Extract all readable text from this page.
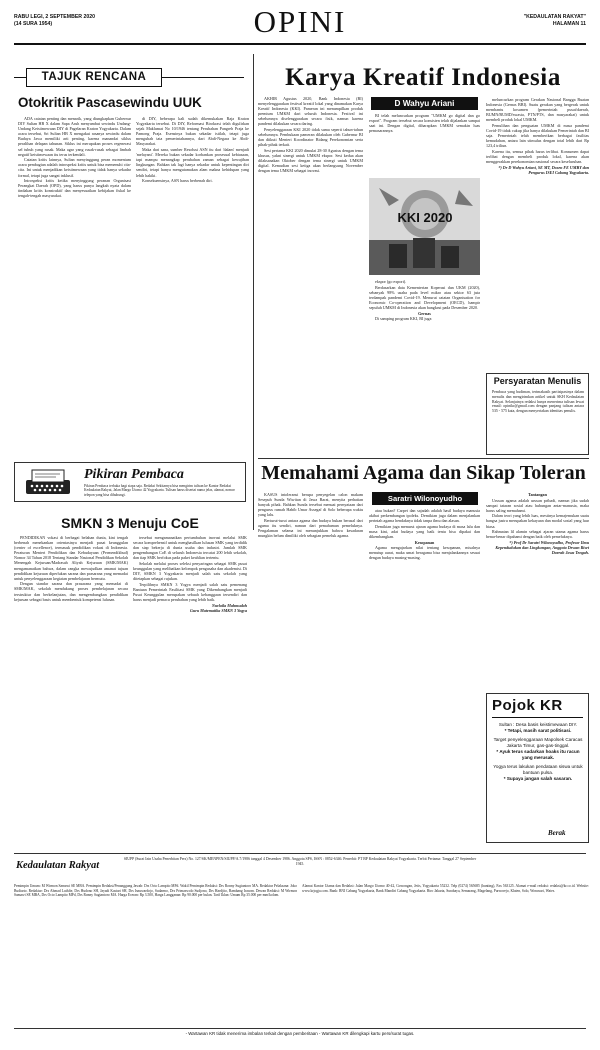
RABU LEGI, 2 SEPTEMBER 2020
(14 SURA 1954)	OPINI	"KEDAULATAN RAKYAT"
HALAMAN 11
TAJUK RENCANA
Otokritik Pascasewindu UUK

ADA catatan penting dan menarik, yang diungkapkan Gubernur DIY Sultan HB X dalam Sapa Aruh menyambut sewindu Undang-Undang Keistimewaan DIY di Pagelaran Kraton Yogyakarta. Dalam acara tersebut, Sri Sultan HB X mengakui rasanya sewindu dalam Budaya Jawa memiliki arti penting, karena manandai siklus peralihan delapan tahunan. Siklus ini merupakan proses regenerasi sel tubuh yang rusak. Maka agar yang rusak-rusak sebagai limbah negatif keistimewaan itu terus terkendali.

Catatan kritis lainnya, Sultan menyinggung peran momentum acara pembagian adalah introspeksi kritis untuk bisa memenuhi cita-cita. Ini untuk menjadikan keistimewaan yang tidak hanya sekadar formal, tetapi juga sangat inklusif.

Introspeksi kritis ketika menyinggung peranan Organisasi Perangkat Daerah (OPD), yang harus punya langkah nyata dalam tindakan kritis konstruktif dan menyesuaikan kebijakan fiskal ke tengah-tengah masyarakat.

di DIY, beberapa kali sudah dikemukakan Raja Kraton Yogyakarta tersebut. Di DIY, Reformasi Birokrasi telah digulirkan sejak Maklumat No 10/1946 tentang Perubahan Pangreh Praja ke Pamong Praja. Esensinya bukan sekadar istilah, tetapi juga mengubah tata pemerintahannya, dari Abdi-Negara ke Abdi-Masyarakat.

Maka dari sana, sumber Resolusi ASN itu dari 'dalam' menjadi 'melayani'. Mereka bukan sekadar korbankan prosesual kebiasaan, tapi mampu menangkap perubahan zaman sebagai kewajiban lingkungan. Bahkan tak lagi hanya sekadar untuk kepentingan diri sendiri, tetapi hanya mengutamakan alam makna kehidupan yang lebih hakiki.

Konsekuensinya, ASN harus berbenah diri.

Pikiran Pembaca
Pikiran Pembaca terbuka bagi siapa saja. Redaksi Sekitarnya bisa mengirim tulisan ke Kantor Redaksi Kedaulatan Rakyat, Jalan Margo Utomo 42 Yogyakarta. Tulisan harus disertai nama jelas, alamat, nomor telepon yang bisa dihubungi.
SMKN 3 Menuju CoE

PENDIDIKAN vokasi di berbagai belahan dunia, kini tengah berbenah menekankan orientasinya menjadi pusat keunggulan (center of excellence), termasuk pendidikan vokasi di Indonesia. Peraturan Menteri Pendidikan dan Kebudayaan (Permendikbud) Nomor 34 Tahun 2018 Tentang Standar Nasional Pendidikan Sekolah Menengah Kejuruan/Madrasah Aliyah Kejuruan (SMK/MAK) mengamanatkan bahwa, dalam rangka mewujudkan amanat tujuan pendidikan kejuruan diperlukan sarana dan prasarana yang memadai untuk penyelenggaraan kegiatan pembelajaran bermutu.

Dengan standar sarana dan prasarana yang memadai di SMK/MAK, sekolah mendukung proses pembelajaran secara terstruktur dan berkelanjutan, dan mengembangkan pendidikan kejuruan sebagai basis untuk membentuk kompetensi lulusan.

tersebut mengamanatkan pertumbuhan inovasi melalui SMK secara komprehensif untuk menghasilkan lulusan SMK yang terdidik dan siap bekerja di dunia usaha dan industri. Jumlah SMK pengembangan CoE di seluruh Indonesia tercatat 200 lebih sekolah, dan tiap SMK berfokus pada paket keahlian tertentu.

Sekolah melalui proses seleksi penyaringan sebagai SMK pusat keunggulan yang melibatkan kelompok pengusaha dan akademisi. Di DIY, SMKN 3 Yogyakarta menjadi salah satu sekolah yang ditetapkan sebagai rujukan.

Terpilihnya SMKN 3 Yogya menjadi salah satu pemenang Bantuan Pemerintah Fasilitasi SMK yang Dikembangkan menjadi Pusat Keunggulan merupakan sebuah kebanggaan tersendiri dan harus menjadi pemacu perubahan yang lebih baik.

Nurlaila Mahmudah
Guru Matematika SMKN 3 Yogya
Karya Kreatif Indonesia

AKHIR Agustus 2020, Bank Indonesia (BI) menyelenggarakan festival kreatif lokal yang dinamakan Karya Kreatif Indonesia (KKI). Pameran ini menampilkan produk premium UMKM dari seluruh Indonesia. Festival ini sebelumnya diselenggarakan secara fisik, namun karena pandemi dilakukan secara daring.

Penyelenggaraan KKI 2020 tidak sama seperti tahun-tahun sebelumnya. Pembukaan pameran dilakukan oleh Gubernur BI dan diikuti Menteri Koordinator Bidang Perekonomian serta pihak-pihak terkait.

Sesi pertama KKI 2020 dimulai 28-30 Agustus dengan tema khusus, yakni sinergi untuk UMKM ekspor. Sesi kedua akan dilaksanakan Oktober dengan tema sinergi untuk UMKM digital. Kemudian sesi ketiga akan berlangsung November dengan tema UMKM sebagai inovasi.

D Wahyu Ariani

BI telah meluncurkan program "UMKM go digital dan go export". Program tersebut secara konsisten telah dijalankan sampai saat ini. Dengan digital, diharapkan UMKM semakin luas pemasarannya.

KKI 2020

ekspor (go export).

Berdasarkan data Kementerian Koperasi dan UKM (2020), sebanyak 98% usaha pada level mikro atau sektor 63 juta terdampak pandemi Covid-19. Menurut catatan Organisation for Economic Co-operation and Development (OECD), hampir sepuluh UMKM di Indonesia akan bangkrut pada Desember 2020.

Gernas

Di samping program KKI, BI juga

meluncurkan program Gerakan Nasional Bangga Buatan Indonesia (Gernas BBI). Suatu gerakan yang bergerak untuk membantu kosumen (pemerintah pusat/daerah, BUMN/BUMD/swasta, PTN/PTS, dan masyarakat) untuk membeli produk lokal UMKM.

Pemulihan dan penguatan UMKM di masa pandemi Covid-19 tidak cukup jika hanya dilakukan Pemerintah dan BI saja. Pemerintah telah memberikan berbagai fasilitas kemudahan, antara lain stimulus dengan total lebih dari Rp 123,4 triliun.

Karena itu, semua pihak harus terlibat. Konsumen dapat terlibat dengan membeli produk lokal, karena akan menggerakkan perekonomian nasional secara keseluruhan.

*) Dr D Wahyu Ariani, SE MT, Dosen FE UMBY dan Pengurus ISEI Cabang Yogyakarta.

Persyaratan Menulis
Pembaca yang budiman, terimakasih partisipasinya dalam menulis dan mengirimkan artikel untuk SKH Kedaulatan Rakyat. Selanjutnya redaksi hanya menerima tulisan lewat email: opinikr@gmail.com dengan panjang tulisan antara 535 - 575 kata, dengan menyertakan identitas penulis.
Memahami Agama dan Sikap Toleran

KASUS intoleransi berupa penyegelan calon makam Sesepuh Sunda Wiwitan di Jawa Barat, menyita perhatian banyak pihak. Bahkan Sunda tersebut menuai pernyataan dari pengurus rumah Habib Umar Assegaf di Solo beberapa waktu yang lalu.

Berturut-turut antara agama dan budaya bukan berasal dari agama itu sendiri, namun dari pemahaman pemeluknya. Pengalaman selama ini menunjukkan bahwa kesadaran mungkin belum dimiliki oleh sebagian pemeluk agama.

Saratri Wilonoyudho

atau bukan? Carpet dan sajadah adalah hasil budaya manusia akibat perkembangan ipoleks. Demikian juga dalam menjalankan perintah agama hendaknya tidak tanpa ilmu dan alasan.

Demikian juga menurut ajaran agama budaya di masa lalu dan masa kini, adat budaya yang baik tentu bisa dipakai dan dikembangkan.

Kesopanan

Agama mengajarkan nilai tentang kesopanan, misalnya menutup aurat, maka umat beragama bisa menjalankannya sesuai dengan budaya masing-masing.

Tantangan

Urusan agama adalah urusan pribadi, namun jika sudah sampai tataran sosial atau hubungan antar-manusia, maka harus saling memahami.

Dalam teori yang lebih luas, mestinya kemajemukan suatu bangsa justru merupakan kekayaan dan modal sosial yang luar biasa.

Rahmatan lil alamin sebagai ajaran utama agama harus benar-benar dipahami dengan baik oleh pemeluknya.

*) Prof Dr Saratri Wilonoyudho, Profesor Ilmu Kependudukan dan Lingkungan, Anggota Dewan Riset Daerah Jawa Tengah.

Pojok KR

Sultan : Desa basis keistimewaan DIY.
* Tetapi, masih sarat politisasi.

Target penyelenggaraan Mapolsek Caracas Jakarta Timur, gas-gas-tinggal.
* Ayuk terus sadarkan hoaks itu racun yang merusak.

Yogya terus lakukan pendataan siswa untuk bantuan pulsa.
* Supaya jangan salah sasaran.

Berak
Kedaulatan Rakyat
SIUPP (Surat Izin Usaha Penerbitan Pers) No. 127/SK/MENPEN/SIUPP/A.7/1986 tanggal 4 Desember 1986. Anggota SPS, ISSN : 0852-6346. Penerbit: PT BP Kedaulatan Rakyat Yogyakarta. Terbit Pertama: Tanggal 27 September 1945.
Pemimpin Umum: M Wirmon Samawi SE MBA. Pemimpin Redaksi/Penanggung Jawab: Drs Octo Lampito MPd. Wakil Pemimpin Redaksi: Drs Ronny Sugiantoro MA. Redaktur Pelaksana: Joko Budiarto. Redaktur: Drs Ahmad Luthfie, Drs Hudono SH, Jayadi Kastari SH, Drs Isnuwardojo, Sudarmo, Drs Primaswolo Sudjono, Drs Hardjito, Bambang Irawan. Dewan Redaksi: M Wirmon Samawi SE MBA, Drs Octo Lampito MPd, Drs Ronny Sugiantoro MA. Harga Eceran: Rp 3.500, Harga Langganan: Rp 90.000 per bulan. Tarif Iklan: Umum Rp 35.000 per mm/kolom.
Alamat Kantor Utama dan Redaksi: Jalan Margo Utomo 40-42, Gowongan, Jetis, Yogyakarta 55232. Telp (0274) 565685 (hunting), Fax 563125. Alamat e-mail redaksi: redaksi@kr.co.id. Website: www.krjogja.com. Bank: BNI Cabang Yogyakarta, Bank Mandiri Cabang Yogyakarta. Biro Jakarta, Surabaya, Semarang, Magelang, Purworejo, Klaten, Solo, Wonosari, Wates.
- Wartawan KR tidak menerima imbalan terkait dengan pemberitaan - Wartawan KR dilengkapi kartu pers/surat tugas.
